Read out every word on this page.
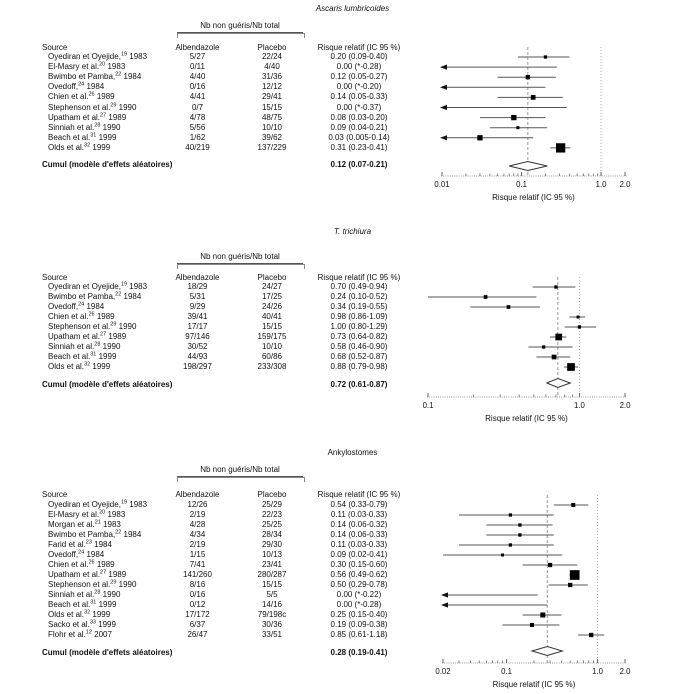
Ascaris lumbricoides
Nb non guéris/Nb total
Source	Albendazole	Placebo	Risque relatif (IC 95 %)
Oyediran et Oyejide,$^{19}$ 1983	5/27	22/24	0.20 (0.09-0.40)
El-Masry et al.$^{20}$ 1983	0/11	4/40	0.00 (*-0.28)
Bwimbo et Pamba,$^{22}$ 1984	4/40	31/36	0.12 (0.05-0.27)
Ovedoff,$^{24}$ 1984	0/16	12/12	0.00 (*-0.20)
Chien et al.$^{26}$ 1989	4/41	29/41	0.14 (0.05-0.33)
Stephenson et al.$^{29}$ 1990	0/7	15/15	0.00 (*-0.37)
Upatham et al.$^{27}$ 1989	4/78	48/75	0.08 (0.03-0.20)
Sinniah et al.$^{28}$ 1990	5/56	10/10	0.09 (0.04-0.21)
Beach et al.$^{31}$ 1999	1/62	39/62	0.03 (0.005-0.14)
Olds et al.$^{32}$ 1999	40/219	137/229	0.31 (0.23-0.41)
Cumul (modèle d'effets aléatoires)	0.12 (0.07-0.21)
0.01	0.1	1.0 2.0
Risque relatif (IC 95 %)
T. trichiura
Nb non guéris/Nb total
Source	Albendazole	Placebo	Risque relatif (IC 95 %)
Oyediran et Oyejide,$^{19}$ 1983	18/29	24/27	0.70 (0.49-0.94)
Bwimbo et Pamba,$^{22}$ 1984	5/31	17/25	0.24 (0.10-0.52)
Ovedoff,$^{24}$ 1984	9/29	24/26	0.34 (0.19-0.55)
Chien et al.$^{26}$ 1989	39/41	40/41	0.98 (0.86-1.09)
Stephenson et al.$^{29}$ 1990	17/17	15/15	1.00 (0.80-1.29)
Upatham et al.$^{27}$ 1989	97/146	159/175	0.73 (0.64-0.82)
Sinniah et al.$^{28}$ 1990	30/52	10/10	0.58 (0.46-0.90)
Beach et al.$^{31}$ 1999	44/93	60/86	0.68 (0.52-0.87)
Olds et al.$^{32}$ 1999	198/297	233/308	0.88 (0.79-0.98)
Cumul (modèle d'effets aléatoires)	0.72 (0.61-0.87)
0.1	1.0	2.0
Risque relatif (IC 95 %)
Ankylostomes
Nb non guéris/Nb total
Source	Albendazole	Placebo	Risque relatif (IC 95 %)
Oyediran et Oyejide,$^{19}$ 1983	12/26	25/29	0.54 (0.33-0.79)
El-Masry et al.$^{20}$ 1983	2/19	22/23	0.11 (0.03-0.33)
Morgan et al.$^{21}$ 1983	4/28	25/25	0.14 (0.06-0.32)
Bwimbo et Pamba,$^{22}$ 1984	4/34	28/34	0.14 (0.06-0.33)
Farid et al.$^{23}$ 1984	2/19	29/30	0.11 (0.03-0.33)
Ovedoff,$^{24}$ 1984	1/15	10/13	0.09 (0.02-0.41)
Chien et al.$^{26}$ 1989	7/41	23/41	0.30 (0.15-0.60)
Upatham et al.$^{27}$ 1989	141/260	280/287	0.56 (0.49-0.62)
Stephenson et al.$^{29}$ 1990	8/16	15/15	0.50 (0.29-0.78)
Sinniah et al.$^{28}$ 1990	0/16	5/5	0.00 (*-0.22)
Beach et al.$^{31}$ 1999	0/12	14/16	0.00 (*-0.28)
Olds et al.$^{32}$ 1999	17/172	79/198c	0.25 (0.15-0.40)
Sacko et al.$^{33}$ 1999	6/37	30/36	0.19 (0.09-0.38)
Flohr et al.$^{12}$ 2007	26/47	33/51	0.85 (0.61-1.18)
Cumul (modèle d'effets aléatoires)	0.28 (0.19-0.41)
0.02	0.1	1.0 2.0
Risque relatif (IC 95 %)
